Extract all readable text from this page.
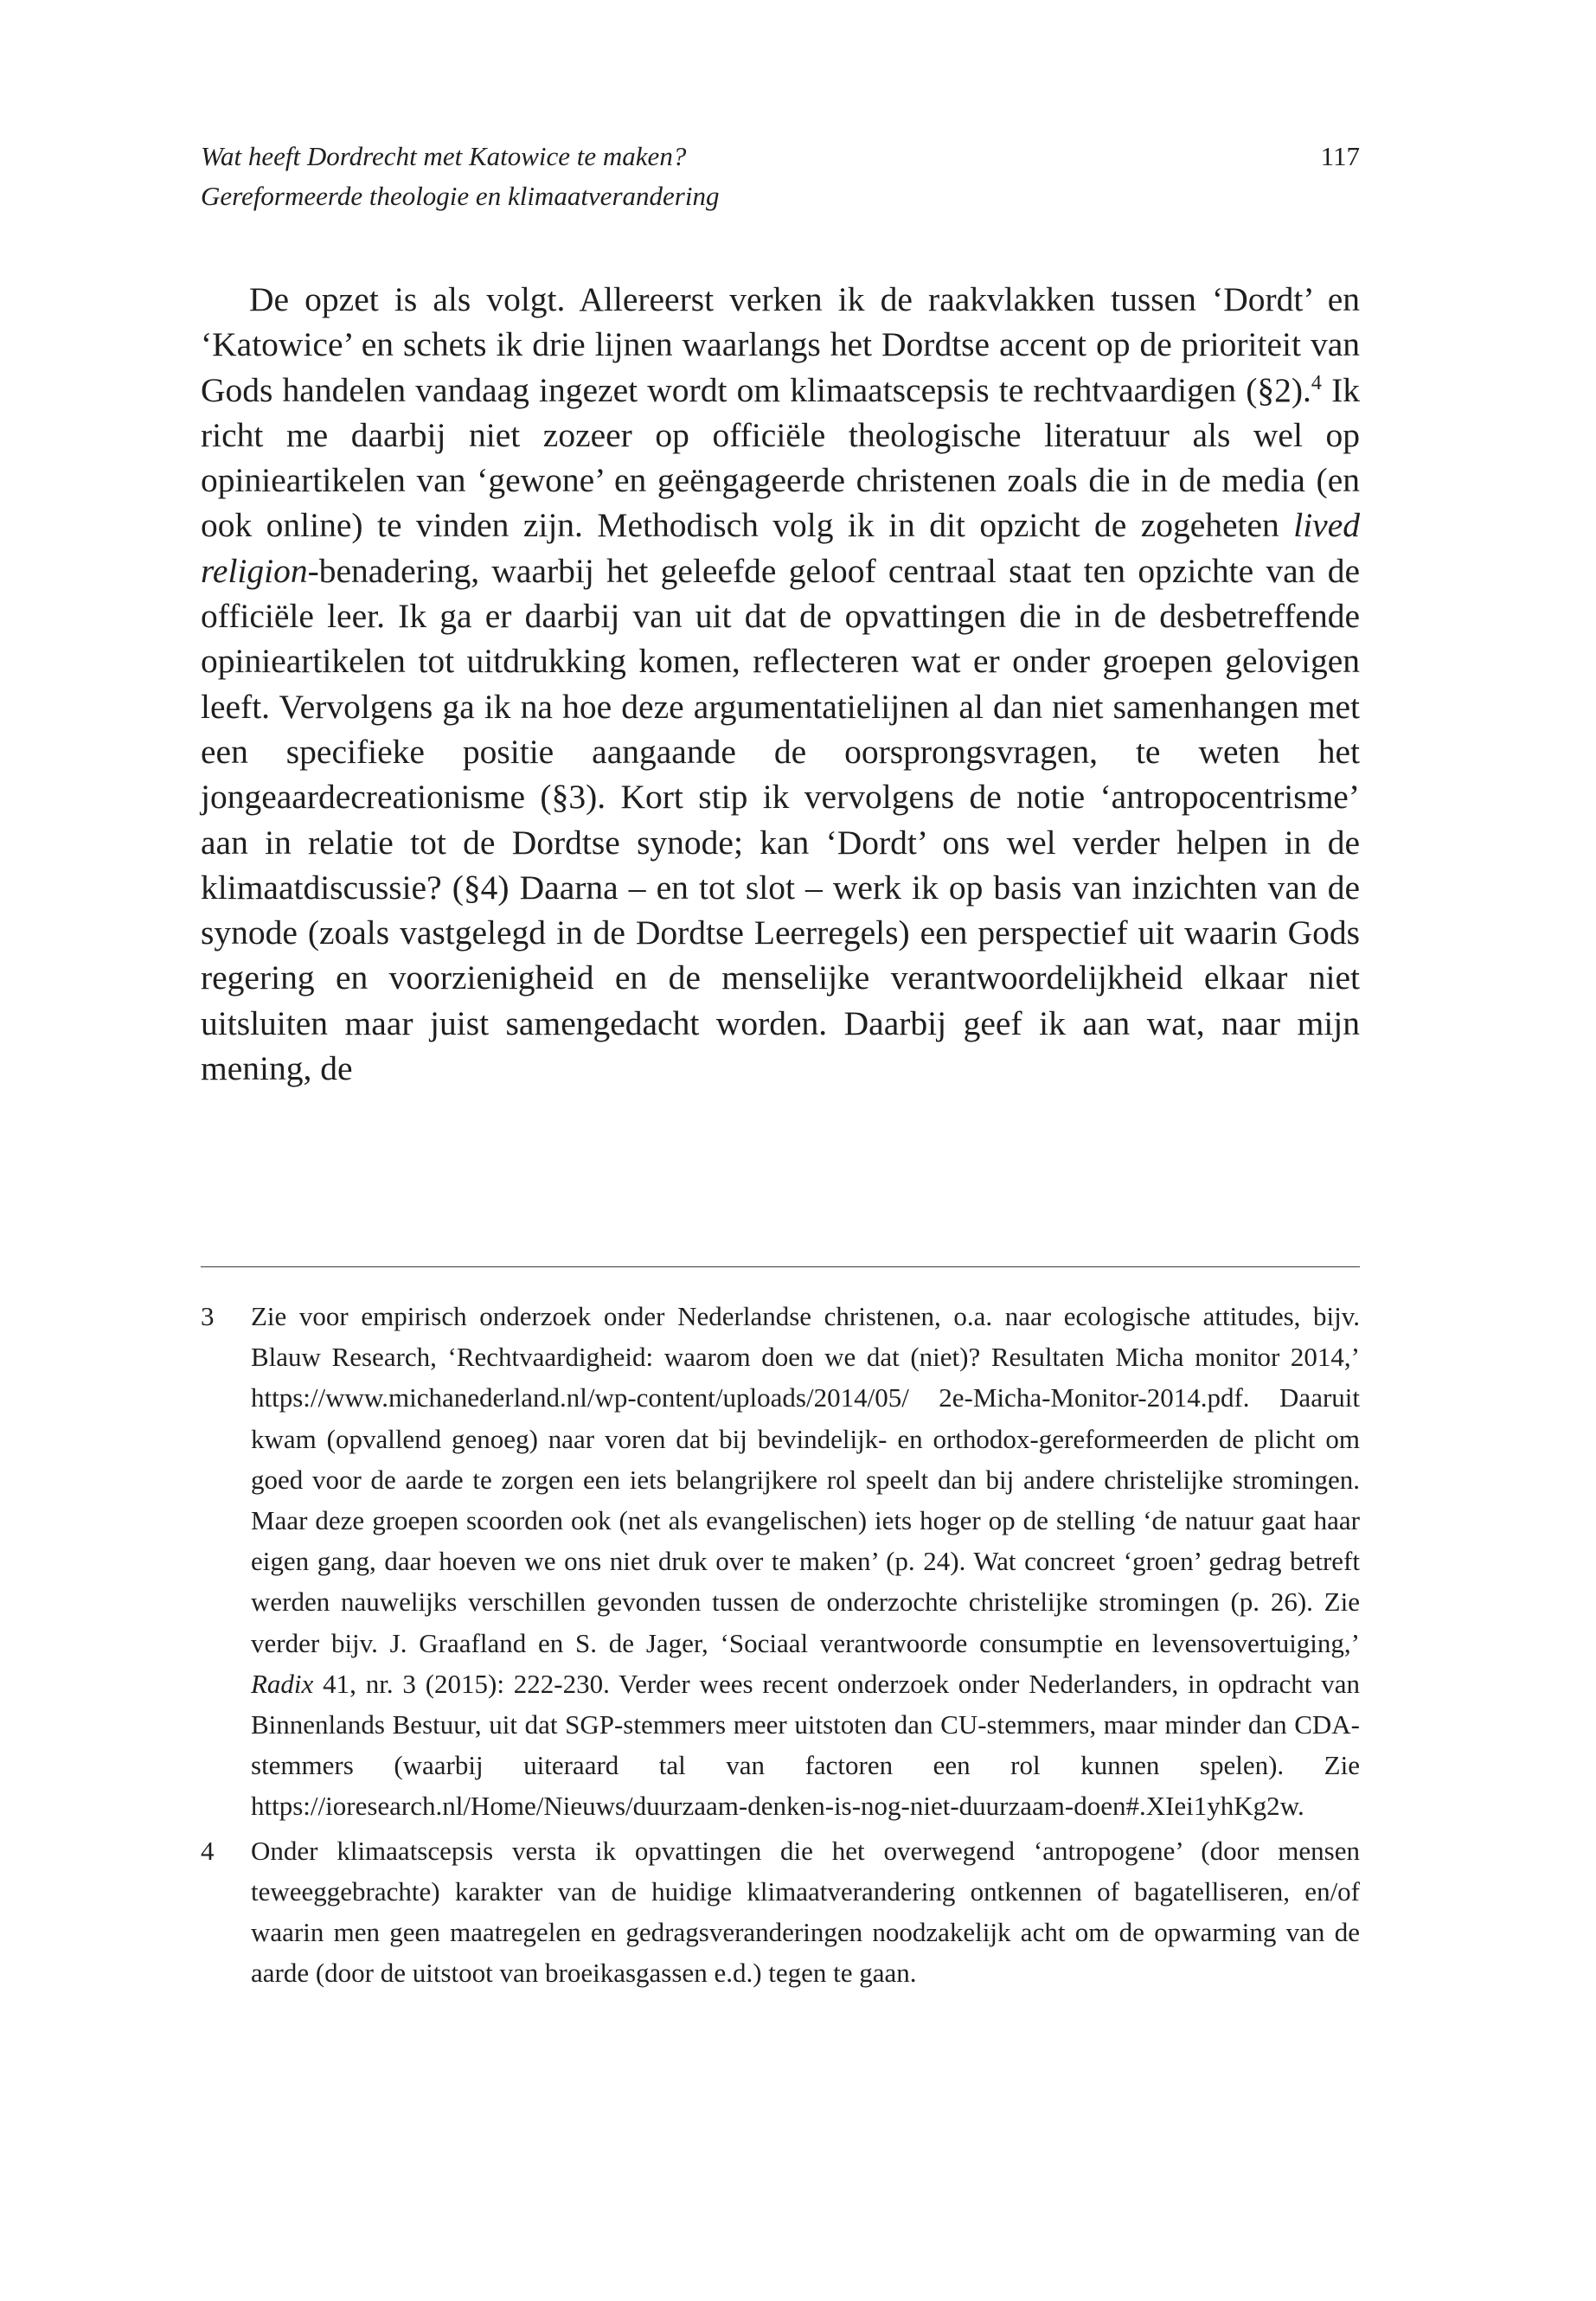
Wat heeft Dordrecht met Katowice te maken?
Gereformeerde theologie en klimaatverandering
117

De opzet is als volgt. Allereerst verken ik de raakvlakken tussen ‘Dordt’ en ‘Katowice’ en schets ik drie lijnen waarlangs het Dordtse accent op de prioriteit van Gods handelen vandaag ingezet wordt om klimaatscepsis te rechtvaardigen (§2).$^4$ Ik richt me daarbij niet zozeer op officiële theologische literatuur als wel op opinieartikelen van ‘gewone’ en geëngageerde christenen zoals die in de media (en ook online) te vinden zijn. Methodisch volg ik in dit opzicht de zogeheten lived religion-benadering, waarbij het geleefde geloof centraal staat ten opzichte van de officiële leer. Ik ga er daarbij van uit dat de opvattingen die in de desbetreffende opinieartikelen tot uitdrukking komen, reflecteren wat er onder groepen gelovigen leeft. Vervolgens ga ik na hoe deze argumentatielijnen al dan niet samenhangen met een specifieke positie aangaande de oorsprongsvragen, te weten het jongeaardecreationisme (§3). Kort stip ik vervolgens de notie ‘antropocentrisme’ aan in relatie tot de Dordtse synode; kan ‘Dordt’ ons wel verder helpen in de klimaatdiscussie? (§4) Daarna – en tot slot – werk ik op basis van inzichten van de synode (zoals vastgelegd in de Dordtse Leerregels) een perspectief uit waarin Gods regering en voorzienigheid en de menselijke verantwoordelijkheid elkaar niet uitsluiten maar juist samengedacht worden. Daarbij geef ik aan wat, naar mijn mening, de

3 Zie voor empirisch onderzoek onder Nederlandse christenen, o.a. naar ecologische attitudes, bijv. Blauw Research, ‘Rechtvaardigheid: waarom doen we dat (niet)? Resultaten Micha monitor 2014,’ https://www.michanederland.nl/wp-content/uploads/2014/05/ 2e-Micha-Monitor-2014.pdf. Daaruit kwam (opvallend genoeg) naar voren dat bij bevindelijk- en orthodox-gereformeerden de plicht om goed voor de aarde te zorgen een iets belangrijkere rol speelt dan bij andere christelijke stromingen. Maar deze groepen scoorden ook (net als evangelischen) iets hoger op de stelling ‘de natuur gaat haar eigen gang, daar hoeven we ons niet druk over te maken’ (p. 24). Wat concreet ‘groen’ gedrag betreft werden nauwelijks verschillen gevonden tussen de onderzochte christelijke stromingen (p. 26). Zie verder bijv. J. Graafland en S. de Jager, ‘Sociaal verantwoorde consumptie en levensovertuiging,’ Radix 41, nr. 3 (2015): 222-230. Verder wees recent onderzoek onder Nederlanders, in opdracht van Binnenlands Bestuur, uit dat SGP-stemmers meer uitstoten dan CU-stemmers, maar minder dan CDA-stemmers (waarbij uiteraard tal van factoren een rol kunnen spelen). Zie https://ioresearch.nl/Home/Nieuws/duurzaam-denken-is-nog-niet-duurzaam-doen#.XIei1yhKg2w.

4 Onder klimaatscepsis versta ik opvattingen die het overwegend ‘antropogene’ (door mensen teweeggebrachte) karakter van de huidige klimaatverandering ontkennen of bagatelliseren, en/of waarin men geen maatregelen en gedragsveranderingen noodzakelijk acht om de opwarming van de aarde (door de uitstoot van broeikasgassen e.d.) tegen te gaan.
